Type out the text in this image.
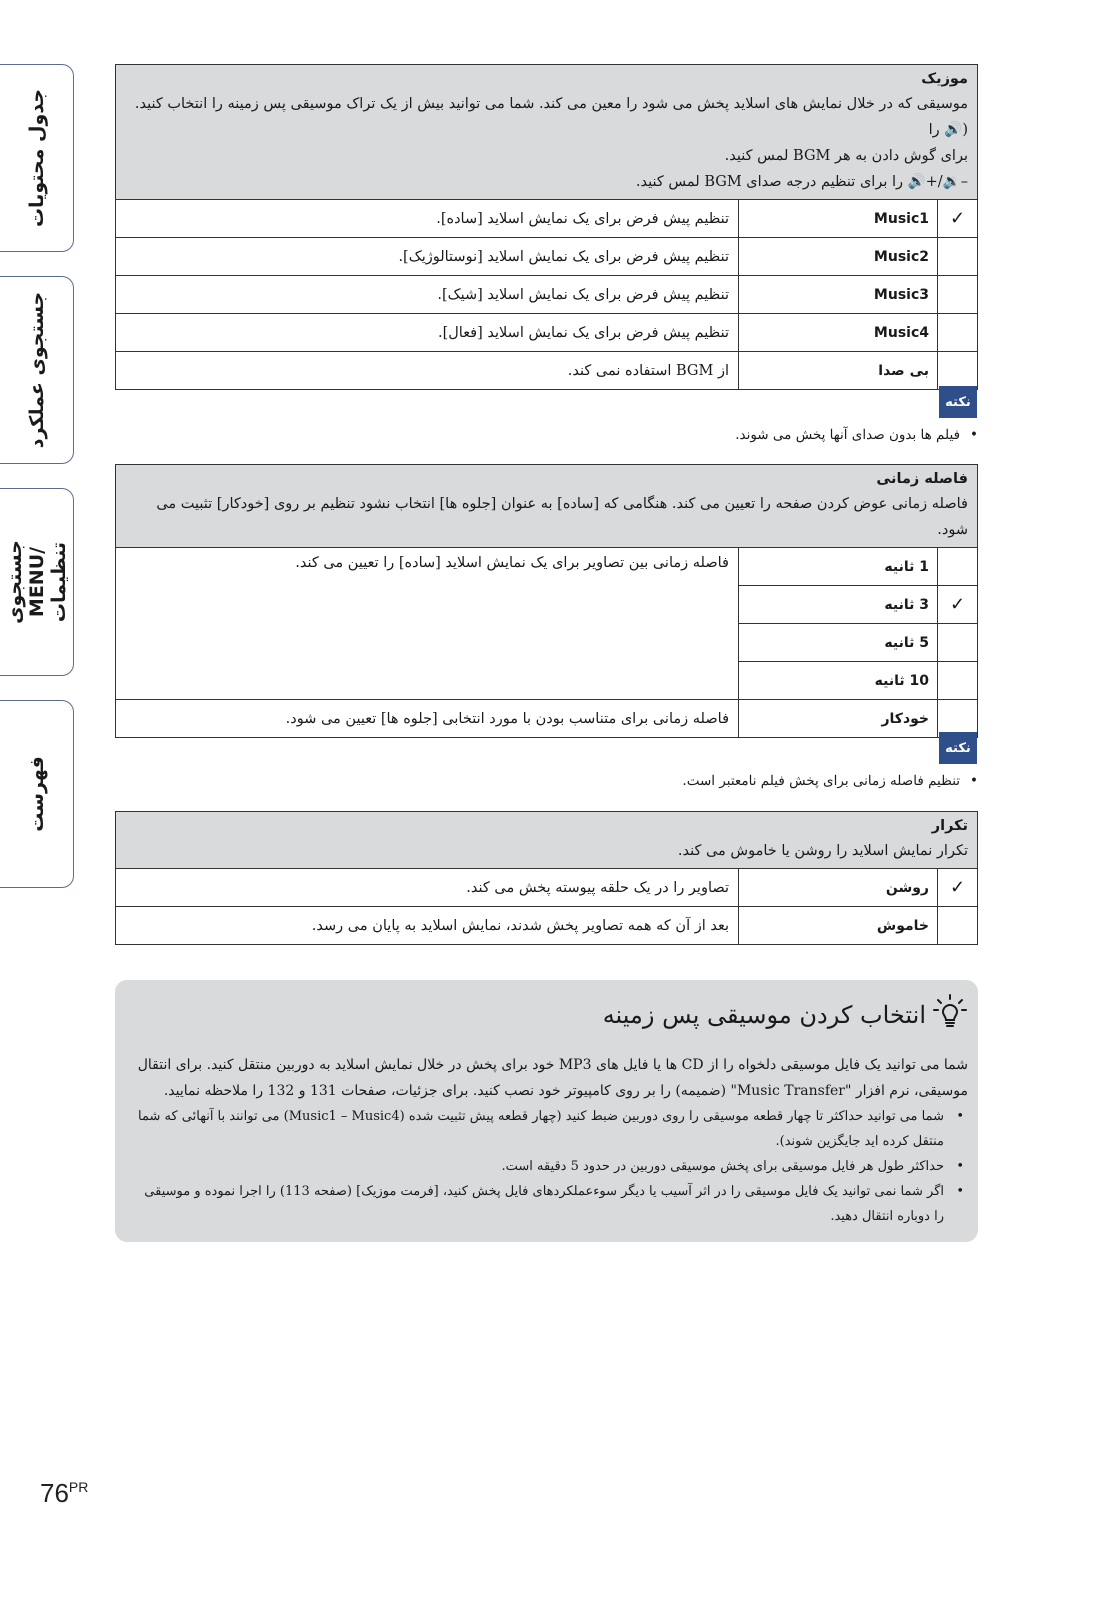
جدول محتویات
جستجوی عملکرد
جستجوی MENU/تنظیمات
فهرست
موزیک
موسیقی که در خلال نمایش های اسلاید پخش می شود را معین می کند. شما می توانید بیش از یک تراک موسیقی پس زمینه را انتخاب کنید. (🔊 را
برای گوش دادن به هر BGM لمس کنید.
–🔉/+🔊 را برای تنظیم درجه صدای BGM لمس کنید.		

✓	Music1	تنظیم پیش فرض برای یک نمایش اسلاید [ساده].
	Music2	تنظیم پیش فرض برای یک نمایش اسلاید [نوستالوژیک].
	Music3	تنظیم پیش فرض برای یک نمایش اسلاید [شیک].
	Music4	تنظیم پیش فرض برای یک نمایش اسلاید [فعال].
	بی صدا	از BGM استفاده نمی کند.
نکته
• فیلم ها بدون صدای آنها پخش می شوند.
فاصله زمانی
فاصله زمانی عوض کردن صفحه را تعیین می کند. هنگامی که [ساده] به عنوان [جلوه ها] انتخاب نشود تنظیم بر روی [خودکار] تثبیت می شود.		

	1 ثانیه	فاصله زمانی بین تصاویر برای یک نمایش اسلاید [ساده] را تعیین می کند.
✓	3 ثانیه	
	5 ثانیه	
	10 ثانیه	
	خودکار	فاصله زمانی برای متناسب بودن با مورد انتخابی [جلوه ها] تعیین می شود.
نکته
• تنظیم فاصله زمانی برای پخش فیلم نامعتبر است.
تکرار
تکرار نمایش اسلاید را روشن یا خاموش می کند.		

✓	روشن	تصاویر را در یک حلقه پیوسته پخش می کند.
	خاموش	بعد از آن که همه تصاویر پخش شدند، نمایش اسلاید به پایان می رسد.
انتخاب کردن موسیقی پس زمینه
شما می توانید یک فایل موسیقی دلخواه را از CD ها یا فایل های MP3 خود برای پخش در خلال نمایش اسلاید به دوربین منتقل کنید. برای انتقال موسیقی، نرم افزار "Music Transfer" (ضمیمه) را بر روی کامپیوتر خود نصب کنید. برای جزئیات، صفحات 131 و 132 را ملاحظه نمایید.
• شما می توانید حداکثر تا چهار قطعه موسیقی را روی دوربین ضبط کنید (چهار قطعه پیش تثبیت شده (Music1 – Music4) می توانند با آنهائی که شما منتقل کرده اید جایگزین شوند).
• حداکثر طول هر فایل موسیقی برای پخش موسیقی دوربین در حدود 5 دقیقه است.
• اگر شما نمی توانید یک فایل موسیقی را در اثر آسیب یا دیگر سوءعملکردهای فایل پخش کنید، [فرمت موزیک] (صفحه 113) را اجرا نموده و موسیقی را دوباره انتقال دهید.
$76^{PR}$
